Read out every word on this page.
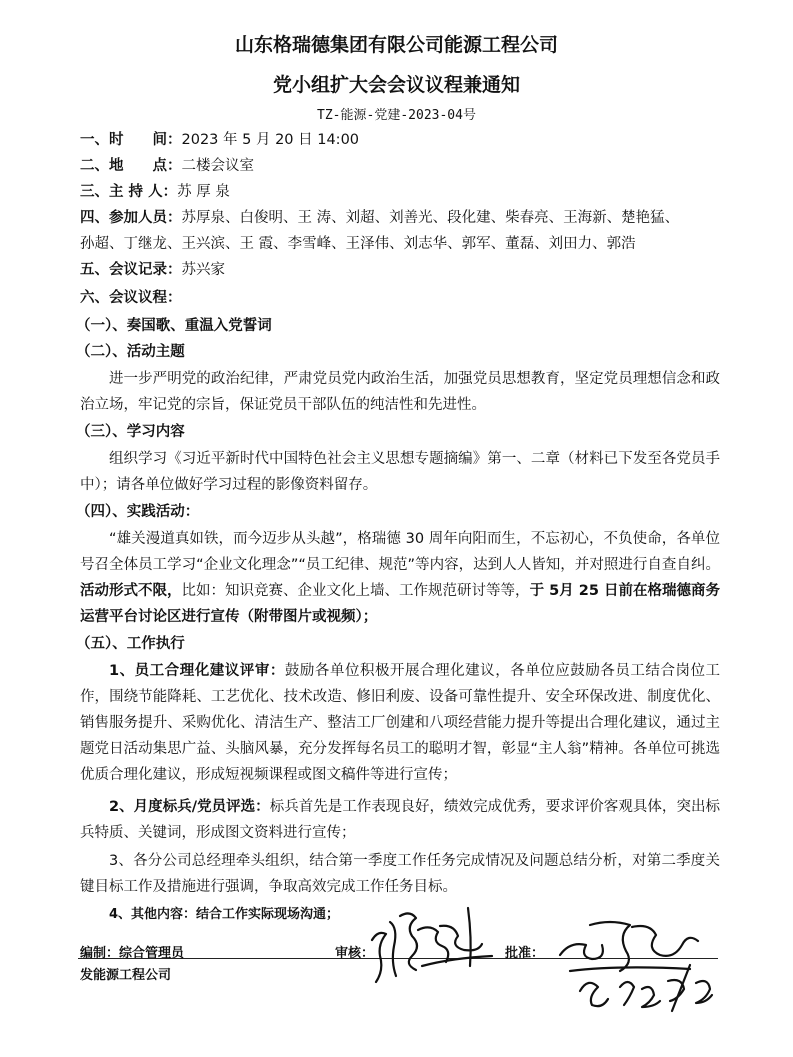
山东格瑞德集团有限公司能源工程公司
党小组扩大会会议议程兼通知
TZ-能源-党建-2023-04号
一、时　　间：2023 年 5 月 20 日 14:00
二、地　　点：二楼会议室
三、主 持 人：苏 厚 泉
四、参加人员：苏厚泉、白俊明、王 涛、刘超、刘善光、段化建、柴春亮、王海新、楚艳猛、
孙超、丁继龙、王兴滨、王 霞、李雪峰、王泽伟、刘志华、郭军、董磊、刘田力、郭浩
五、会议记录：苏兴家
六、会议议程：
（一）、奏国歌、重温入党誓词
（二）、活动主题

进一步严明党的政治纪律，严肃党员党内政治生活，加强党员思想教育，坚定党员理想信念和政治立场，牢记党的宗旨，保证党员干部队伍的纯洁性和先进性。

（三）、学习内容

组织学习《习近平新时代中国特色社会主义思想专题摘编》第一、二章（材料已下发至各党员手中）；请各单位做好学习过程的影像资料留存。

（四）、实践活动：

“雄关漫道真如铁，而今迈步从头越”，格瑞德 30 周年向阳而生，不忘初心，不负使命，各单位号召全体员工学习“企业文化理念”“员工纪律、规范”等内容，达到人人皆知，并对照进行自查自纠。活动形式不限，比如：知识竞赛、企业文化上墙、工作规范研讨等等，于 5月 25 日前在格瑞德商务运营平台讨论区进行宣传（附带图片或视频）；

（五）、工作执行

1、员工合理化建议评审：鼓励各单位积极开展合理化建议，各单位应鼓励各员工结合岗位工作，围绕节能降耗、工艺优化、技术改造、修旧利废、设备可靠性提升、安全环保改进、制度优化、销售服务提升、采购优化、清洁生产、整洁工厂创建和八项经营能力提升等提出合理化建议，通过主题党日活动集思广益、头脑风暴，充分发挥每名员工的聪明才智，彰显“主人翁”精神。各单位可挑选优质合理化建议，形成短视频课程或图文稿件等进行宣传；

2、月度标兵/党员评选：标兵首先是工作表现良好，绩效完成优秀，要求评价客观具体，突出标兵特质、关键词，形成图文资料进行宣传；

3、各分公司总经理牵头组织，结合第一季度工作任务完成情况及问题总结分析，对第二季度关键目标工作及措施进行强调，争取高效完成工作任务目标。

4、其他内容：结合工作实际现场沟通；

编制：综合管理员	审核：	批准：
发能源工程公司
